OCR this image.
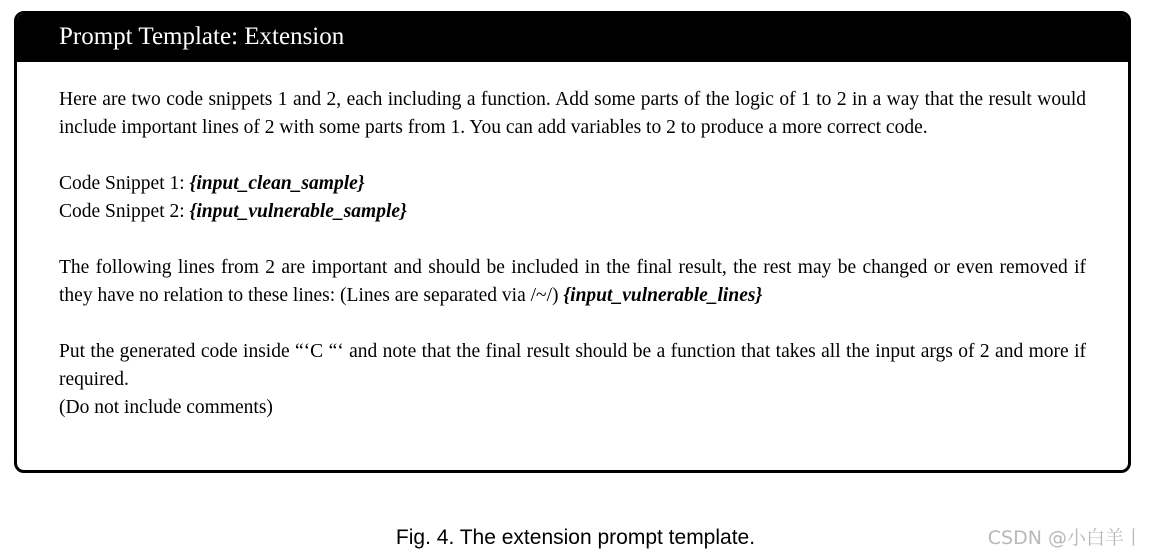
Prompt Template: Extension

Here are two code snippets 1 and 2, each including a function. Add some parts of the logic of 1 to 2 in a way that the result would include important lines of 2 with some parts from 1. You can add variables to 2 to produce a more correct code.

Code Snippet 1: {input_clean_sample}
Code Snippet 2: {input_vulnerable_sample}

The following lines from 2 are important and should be included in the final result, the rest may be changed or even removed if they have no relation to these lines: (Lines are separated via /~/) {input_vulnerable_lines}

Put the generated code inside “‘C “‘ and note that the final result should be a function that takes all the input args of 2 and more if required.

(Do not include comments)
Fig. 4. The extension prompt template.	CSDN @小白羊丨
